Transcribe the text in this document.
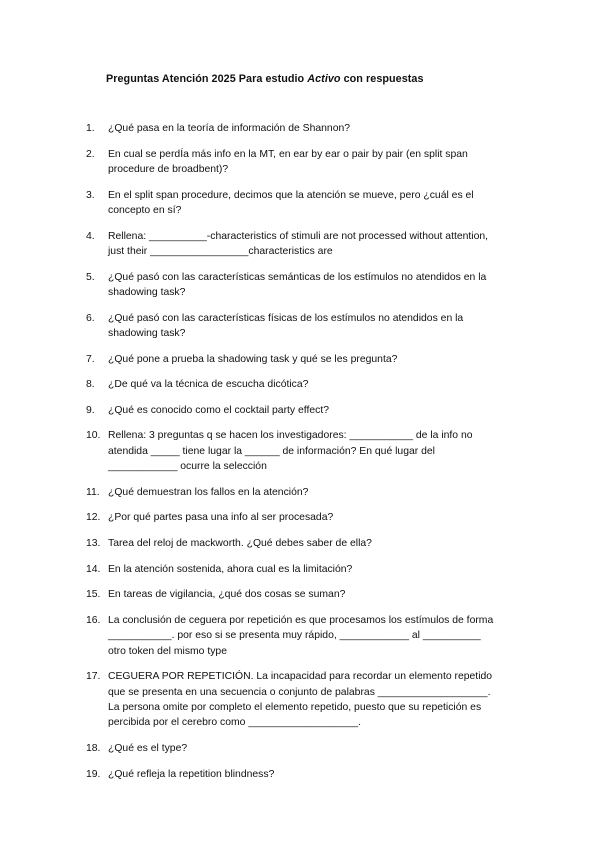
Preguntas Atención 2025 Para estudio Activo con respuestas
1.	¿Qué pasa en la teoría de información de Shannon?
2.	En cual se perdÍa más info en la MT, en ear by ear o pair by pair (en split span
procedure de broadbent)?
3.	En el split span procedure, decimos que la atención se mueve, pero ¿cuál es el
concepto en sí?
4.	Rellena: __________-characteristics of stimuli are not processed without attention,
just their _________________characteristics are
5.	¿Qué pasó con las características semánticas de los estímulos no atendidos en la
shadowing task?
6.	¿Qué pasó con las características físicas de los estímulos no atendidos en la
shadowing task?
7.	¿Qué pone a prueba la shadowing task y qué se les pregunta?
8.	¿De qué va la técnica de escucha dicótica?
9.	¿Qué es conocido como el cocktail party effect?
10. Rellena: 3 preguntas q se hacen los investigadores: ___________ de la info no
atendida _____ tiene lugar la ______ de información? En qué lugar del
____________ ocurre la selección
11. ¿Qué demuestran los fallos en la atención?
12. ¿Por qué partes pasa una info al ser procesada?
13. Tarea del reloj de mackworth. ¿Qué debes saber de ella?
14. En la atención sostenida, ahora cual es la limitación?
15. En tareas de vigilancia, ¿qué dos cosas se suman?
16. La conclusión de ceguera por repetición es que procesamos los estímulos de forma
___________. por eso si se presenta muy rápido, ____________ al __________
otro token del mismo type
17. CEGUERA POR REPETICIÓN. La incapacidad para recordar un elemento repetido
que se presenta en una secuencia o conjunto de palabras ___________________.
La persona omite por completo el elemento repetido, puesto que su repetición es
percibida por el cerebro como ___________________.
18. ¿Qué es el type?
19. ¿Qué refleja la repetition blindness?
